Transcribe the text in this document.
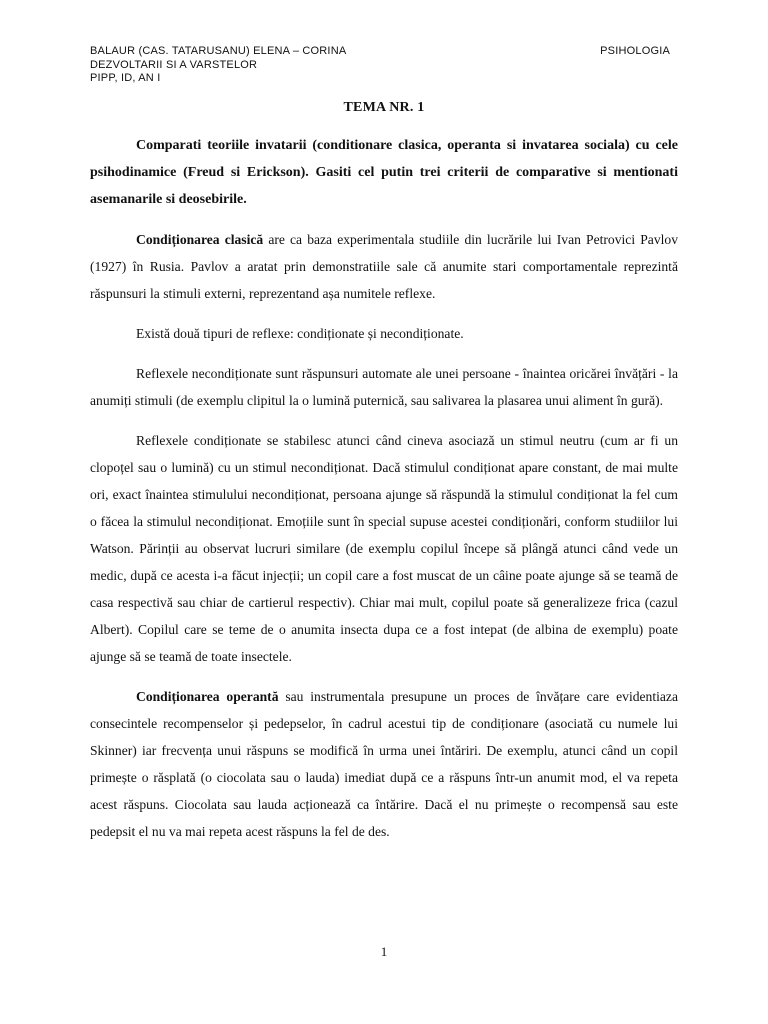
BALAUR (CAS. TATARUSANU) ELENA – CORINA	PSIHOLOGIA
DEZVOLTARII SI A VARSTELOR
PIPP, ID, AN I
TEMA NR. 1

Comparati teoriile invatarii (conditionare clasica, operanta si invatarea sociala) cu cele psihodinamice (Freud si Erickson). Gasiti cel putin trei criterii de comparative si mentionati asemanarile si deosebirile.

Condiționarea clasică are ca baza experimentala studiile din lucrările lui Ivan Petrovici Pavlov (1927) în Rusia. Pavlov a aratat prin demonstratiile sale că anumite stari comportamentale reprezintă răspunsuri la stimuli externi, reprezentand așa numitele reflexe.

Există două tipuri de reflexe: condiționate și necondiționate.

Reflexele necondiționate sunt răspunsuri automate ale unei persoane - înaintea oricărei învățări - la anumiți stimuli (de exemplu clipitul la o lumină puternică, sau salivarea la plasarea unui aliment în gură).

Reflexele condiționate se stabilesc atunci când cineva asociază un stimul neutru (cum ar fi un clopoțel sau o lumină) cu un stimul necondiționat. Dacă stimulul condiționat apare constant, de mai multe ori, exact înaintea stimulului necondiționat, persoana ajunge să răspundă la stimulul condiționat la fel cum o făcea la stimulul necondiționat. Emoțiile sunt în special supuse acestei condiționări, conform studiilor lui Watson. Părinții au observat lucruri similare (de exemplu copilul începe să plângă atunci când vede un medic, după ce acesta i-a făcut injecții; un copil care a fost muscat de un câine poate ajunge să se teamă de casa respectivă sau chiar de cartierul respectiv). Chiar mai mult, copilul poate să generalizeze frica (cazul Albert). Copilul care se teme de o anumita insecta dupa ce a fost intepat (de albina de exemplu) poate ajunge să se teamă de toate insectele.

Condiționarea operantă sau instrumentala presupune un proces de învățare care evidentiaza consecintele recompenselor și pedepselor, în cadrul acestui tip de condiționare (asociată cu numele lui Skinner) iar frecvența unui răspuns se modifică în urma unei întăriri. De exemplu, atunci când un copil primește o răsplată (o ciocolata sau o lauda) imediat după ce a răspuns într-un anumit mod, el va repeta acest răspuns. Ciocolata sau lauda acționează ca întărire. Dacă el nu primește o recompensă sau este pedepsit el nu va mai repeta acest răspuns la fel de des.

1
